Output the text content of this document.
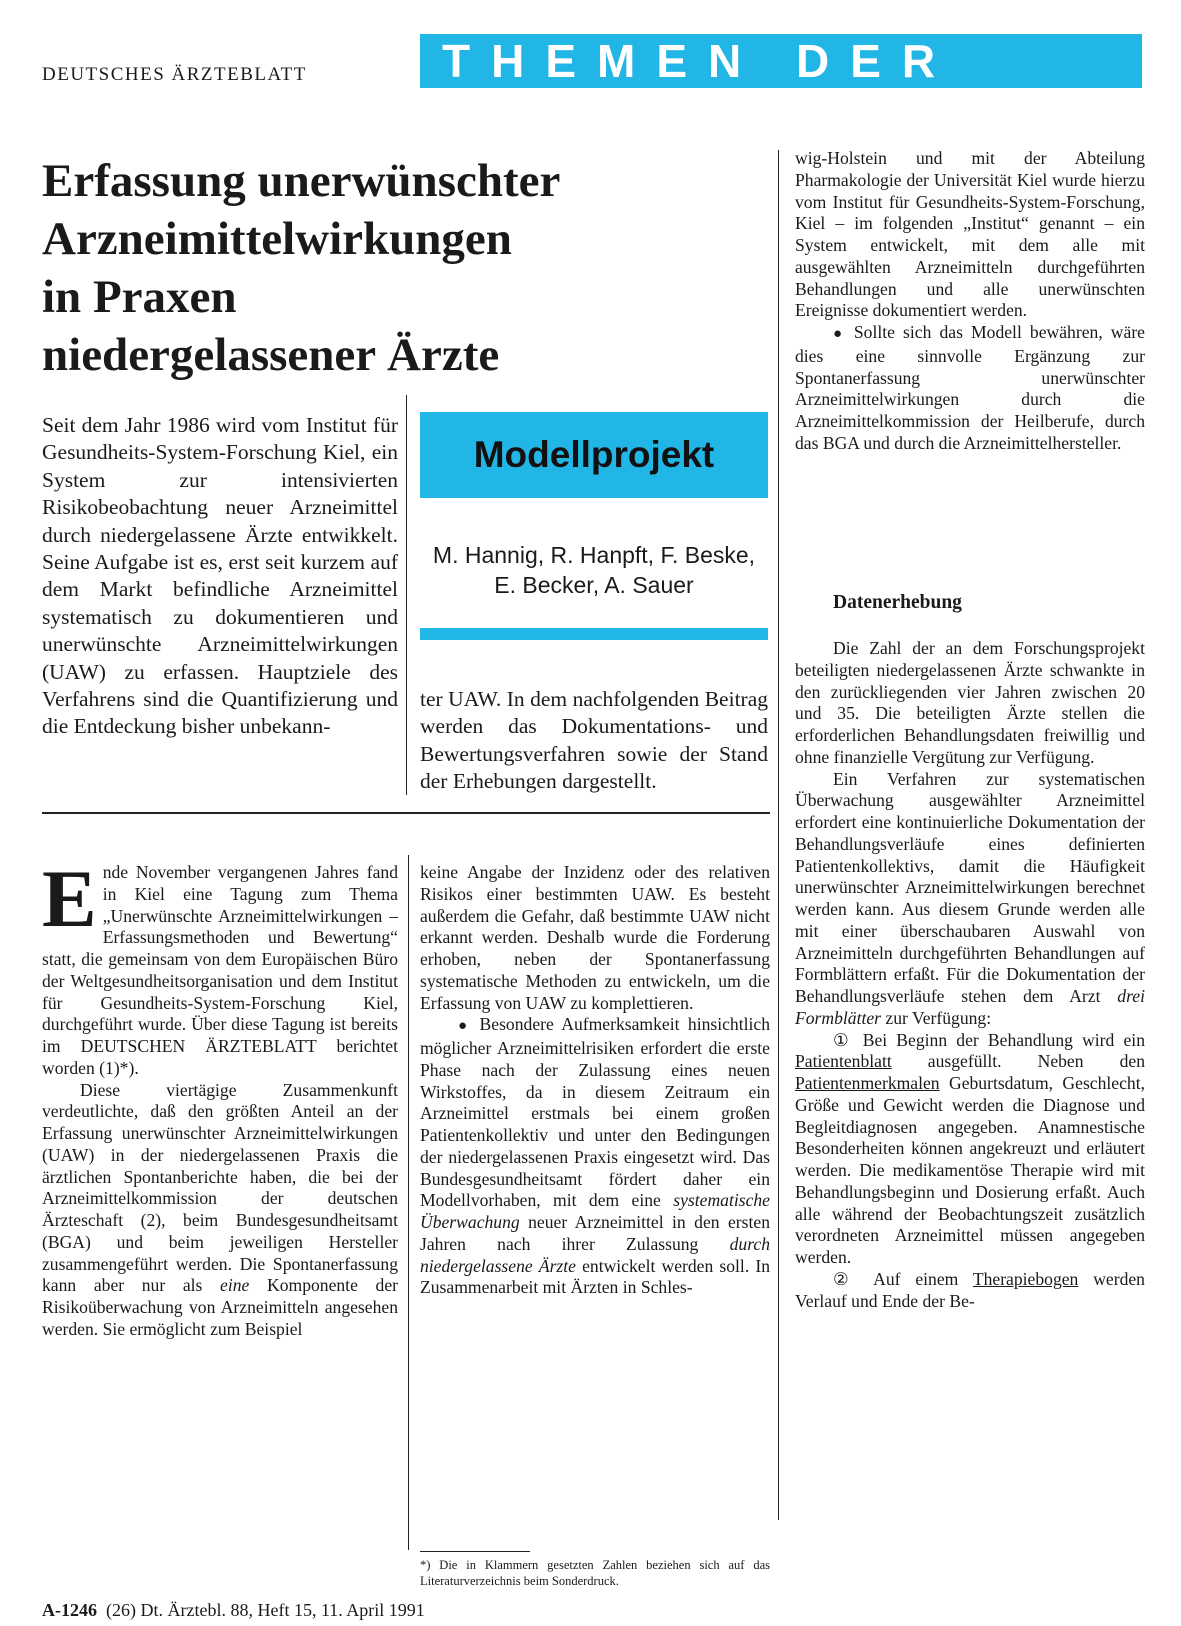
DEUTSCHES ÄRZTEBLATT	THEMEN DER ZEIT
Erfassung unerwünschter
Arzneimittelwirkungen
in Praxen
niedergelassener Ärzte
Seit dem Jahr 1986 wird vom Institut für Gesundheits-System-Forschung Kiel, ein System zur intensivierten Risikobeobachtung neuer Arzneimittel durch niedergelassene Ärzte entwikkelt. Seine Aufgabe ist es, erst seit kurzem auf dem Markt befindliche Arzneimittel systematisch zu dokumentieren und unerwünschte Arzneimittelwirkungen (UAW) zu erfassen. Hauptziele des Verfahrens sind die Quantifizierung und die Entdeckung bisher unbekann-
Modellprojekt
M. Hannig, R. Hanpft, F. Beske,
E. Becker, A. Sauer
ter UAW. In dem nachfolgenden Beitrag werden das Dokumentations- und Bewertungsverfahren sowie der Stand der Erhebungen dargestellt.

Ende November vergangenen Jahres fand in Kiel eine Tagung zum Thema „Unerwünschte Arzneimittelwirkungen – Erfassungsmethoden und Bewertung“ statt, die gemeinsam von dem Europäischen Büro der Weltgesundheitsorganisation und dem Institut für Gesundheits-System-Forschung Kiel, durchgeführt wurde. Über diese Tagung ist bereits im DEUTSCHEN ÄRZTEBLATT berichtet worden (1)*).

Diese viertägige Zusammenkunft verdeutlichte, daß den größten Anteil an der Erfassung unerwünschter Arzneimittelwirkungen (UAW) in der niedergelassenen Praxis die ärztlichen Spontanberichte haben, die bei der Arzneimittelkommission der deutschen Ärzteschaft (2), beim Bundesgesundheitsamt (BGA) und beim jeweiligen Hersteller zusammengeführt werden. Die Spontanerfassung kann aber nur als eine Komponente der Risikoüberwachung von Arzneimitteln angesehen werden. Sie ermöglicht zum Beispiel

keine Angabe der Inzidenz oder des relativen Risikos einer bestimmten UAW. Es besteht außerdem die Gefahr, daß bestimmte UAW nicht erkannt werden. Deshalb wurde die Forderung erhoben, neben der Spontanerfassung systematische Methoden zu entwickeln, um die Erfassung von UAW zu komplettieren.

● Besondere Aufmerksamkeit hinsichtlich möglicher Arzneimittelrisiken erfordert die erste Phase nach der Zulassung eines neuen Wirkstoffes, da in diesem Zeitraum ein Arzneimittel erstmals bei einem großen Patientenkollektiv und unter den Bedingungen der niedergelassenen Praxis eingesetzt wird. Das Bundesgesundheitsamt fördert daher ein Modellvorhaben, mit dem eine systematische Überwachung neuer Arzneimittel in den ersten Jahren nach ihrer Zulassung durch niedergelassene Ärzte entwickelt werden soll. In Zusammenarbeit mit Ärzten in Schles-

*) Die in Klammern gesetzten Zahlen beziehen sich auf das Literaturverzeichnis beim Sonderdruck.

wig-Holstein und mit der Abteilung Pharmakologie der Universität Kiel wurde hierzu vom Institut für Gesundheits-System-Forschung, Kiel – im folgenden „Institut“ genannt – ein System entwickelt, mit dem alle mit ausgewählten Arzneimitteln durchgeführten Behandlungen und alle unerwünschten Ereignisse dokumentiert werden.

● Sollte sich das Modell bewähren, wäre dies eine sinnvolle Ergänzung zur Spontanerfassung unerwünschter Arzneimittelwirkungen durch die Arzneimittelkommission der Heilberufe, durch das BGA und durch die Arzneimittelhersteller.

Datenerhebung

Die Zahl der an dem Forschungsprojekt beteiligten niedergelassenen Ärzte schwankte in den zurückliegenden vier Jahren zwischen 20 und 35. Die beteiligten Ärzte stellen die erforderlichen Behandlungsdaten freiwillig und ohne finanzielle Vergütung zur Verfügung.

Ein Verfahren zur systematischen Überwachung ausgewählter Arzneimittel erfordert eine kontinuierliche Dokumentation der Behandlungsverläufe eines definierten Patientenkollektivs, damit die Häufigkeit unerwünschter Arzneimittelwirkungen berechnet werden kann. Aus diesem Grunde werden alle mit einer überschaubaren Auswahl von Arzneimitteln durchgeführten Behandlungen auf Formblättern erfaßt. Für die Dokumentation der Behandlungsverläufe stehen dem Arzt drei Formblätter zur Verfügung:

① Bei Beginn der Behandlung wird ein Patientenblatt ausgefüllt. Neben den Patientenmerkmalen Geburtsdatum, Geschlecht, Größe und Gewicht werden die Diagnose und Begleitdiagnosen angegeben. Anamnestische Besonderheiten können angekreuzt und erläutert werden. Die medikamentöse Therapie wird mit Behandlungsbeginn und Dosierung erfaßt. Auch alle während der Beobachtungszeit zusätzlich verordneten Arzneimittel müssen angegeben werden.

② Auf einem Therapiebogen werden Verlauf und Ende der Be-

A-1246 (26) Dt. Ärztebl. 88, Heft 15, 11. April 1991
